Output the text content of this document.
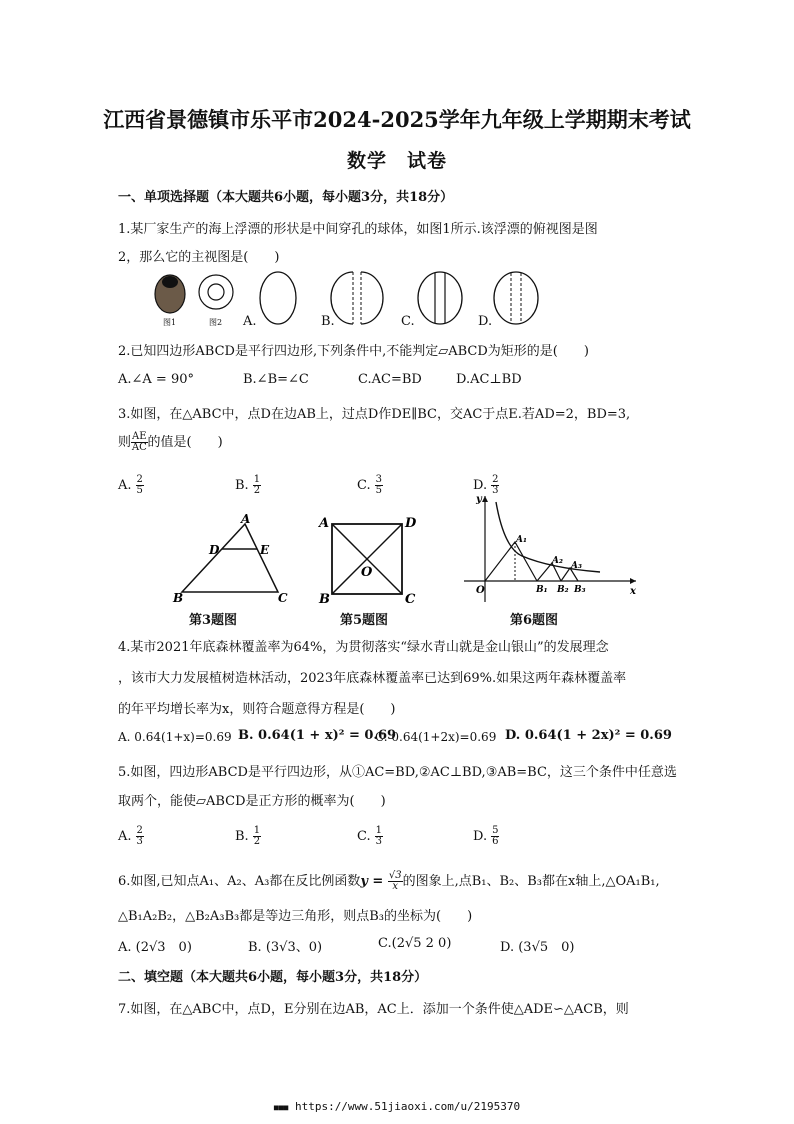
江西省景德镇市乐平市2024-2025学年九年级上学期期末考试
数学　试卷
一、单项选择题（本大题共6小题，每小题3分，共18分）
1.某厂家生产的海上浮漂的形状是中间穿孔的球体，如图1所示.该浮漂的俯视图是图
2，那么它的主视图是(　　)
图1	图2 A.	B.	C.	D.
2.已知四边形ABCD是平行四边形,下列条件中,不能判定▱ABCD为矩形的是(　　)
A.∠A = 90°	B.∠B=∠C	C.AC=BD	D.AC⊥BD
3.如图，在△ABC中，点D在边AB上，过点D作DE∥BC，交AC于点E.若AD=2，BD=3,
则 $\frac{AE}{AC}$ 的值是(　　)
A. $\frac{2}{5}$	B. $\frac{1}{2}$	C. $\frac{3}{5}$	D. $\frac{2}{3}$
A
D	E
B	C
第3题图
A	D
O
B	C
第5题图
y
x
O
A₁
A₂ A₃
B₁ B₂ B₃
第6题图
4.某市2021年底森林覆盖率为64%，为贯彻落实“绿水青山就是金山银山”的发展理念
，该市大力发展植树造林活动，2023年底森林覆盖率已达到69%.如果这两年森林覆盖率
的年平均增长率为x，则符合题意得方程是(　　)
A. 0.64(1+x)=0.69 B. 0.64(1 + x)² = 0.69
C. 0.64(1+2x)=0.69 D. 0.64(1 + 2x)² = 0.69
5.如图，四边形ABCD是平行四边形，从①AC=BD,②AC⊥BD,③AB=BC，这三个条件中任意选
取两个，能使▱ABCD是正方形的概率为(　　)
A. $\frac{2}{3}$	B. $\frac{1}{2}$	C. $\frac{1}{3}$	D. $\frac{5}{6}$
6.如图,已知点A₁、A₂、A₃都在反比例函数$y = \frac{√3}{x}$ 的图象上,点B₁、B₂、B₃都在x轴上,△OA₁B₁,
△B₁A₂B₂，△B₂A₃B₃都是等边三角形，则点B₃的坐标为(　　)
A. (2√3　0)	B. (3√3、0)	C.(2√5 2 0)	D. (3√5　0)
二、填空题（本大题共6小题，每小题3分，共18分）
7.如图，在△ABC中，点D，E分别在边AB，AC上．添加一个条件使△ADE∽△ACB，则
■■■ https://www.51jiaoxi.com/u/2195370
